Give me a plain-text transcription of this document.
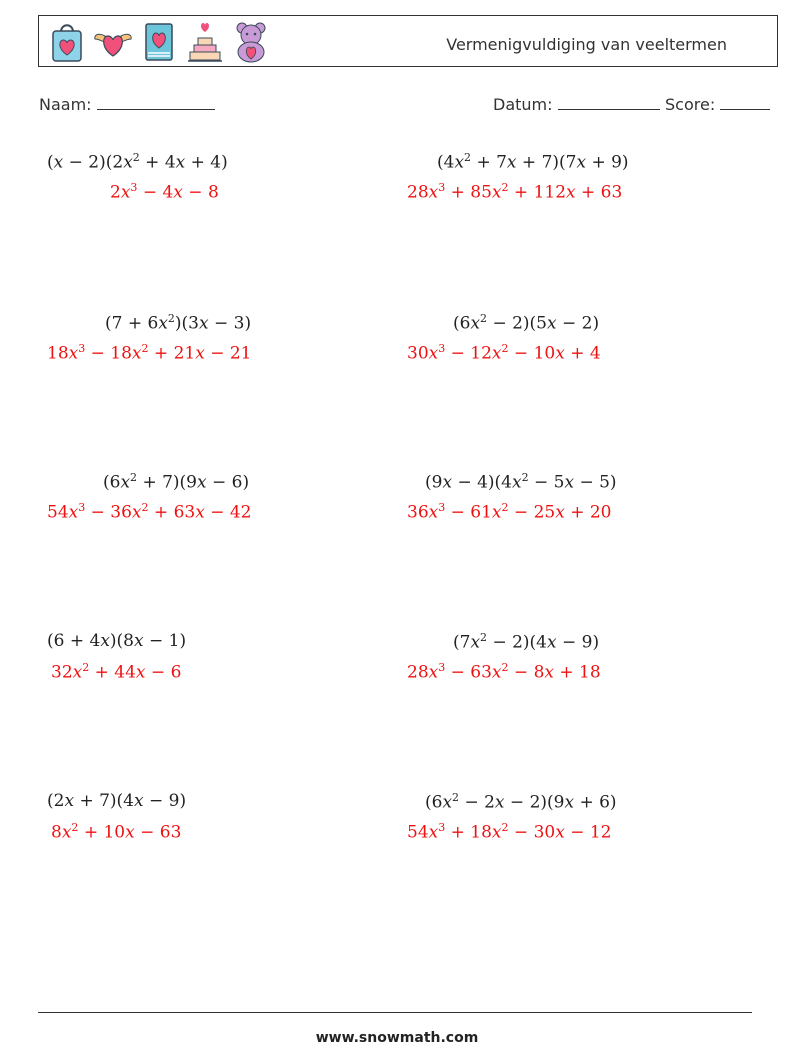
Vermenigvuldiging van veeltermen
Naam:	Datum:	Score:
$(x - 2)(2x^2 + 4x + 4)$
$2x^3 - 4x - 8$
$(4x^2 + 7x + 7)(7x + 9)$
$28x^3 + 85x^2 + 112x + 63$
$(7 + 6x^2)(3x - 3)$
$18x^3 - 18x^2 + 21x - 21$
$(6x^2 - 2)(5x - 2)$
$30x^3 - 12x^2 - 10x + 4$
$(6x^2 + 7)(9x - 6)$
$54x^3 - 36x^2 + 63x - 42$
$(9x - 4)(4x^2 - 5x - 5)$
$36x^3 - 61x^2 - 25x + 20$
(6 + 4x)(8x − 1)
$32x^2 + 44x - 6$
$(7x^2 - 2)(4x - 9)$
$28x^3 - 63x^2 - 8x + 18$
(2x + 7)(4x − 9)
$8x^2 + 10x - 63$
$(6x^2 - 2x - 2)(9x + 6)$
$54x^3 + 18x^2 - 30x - 12$
www.snowmath.com
